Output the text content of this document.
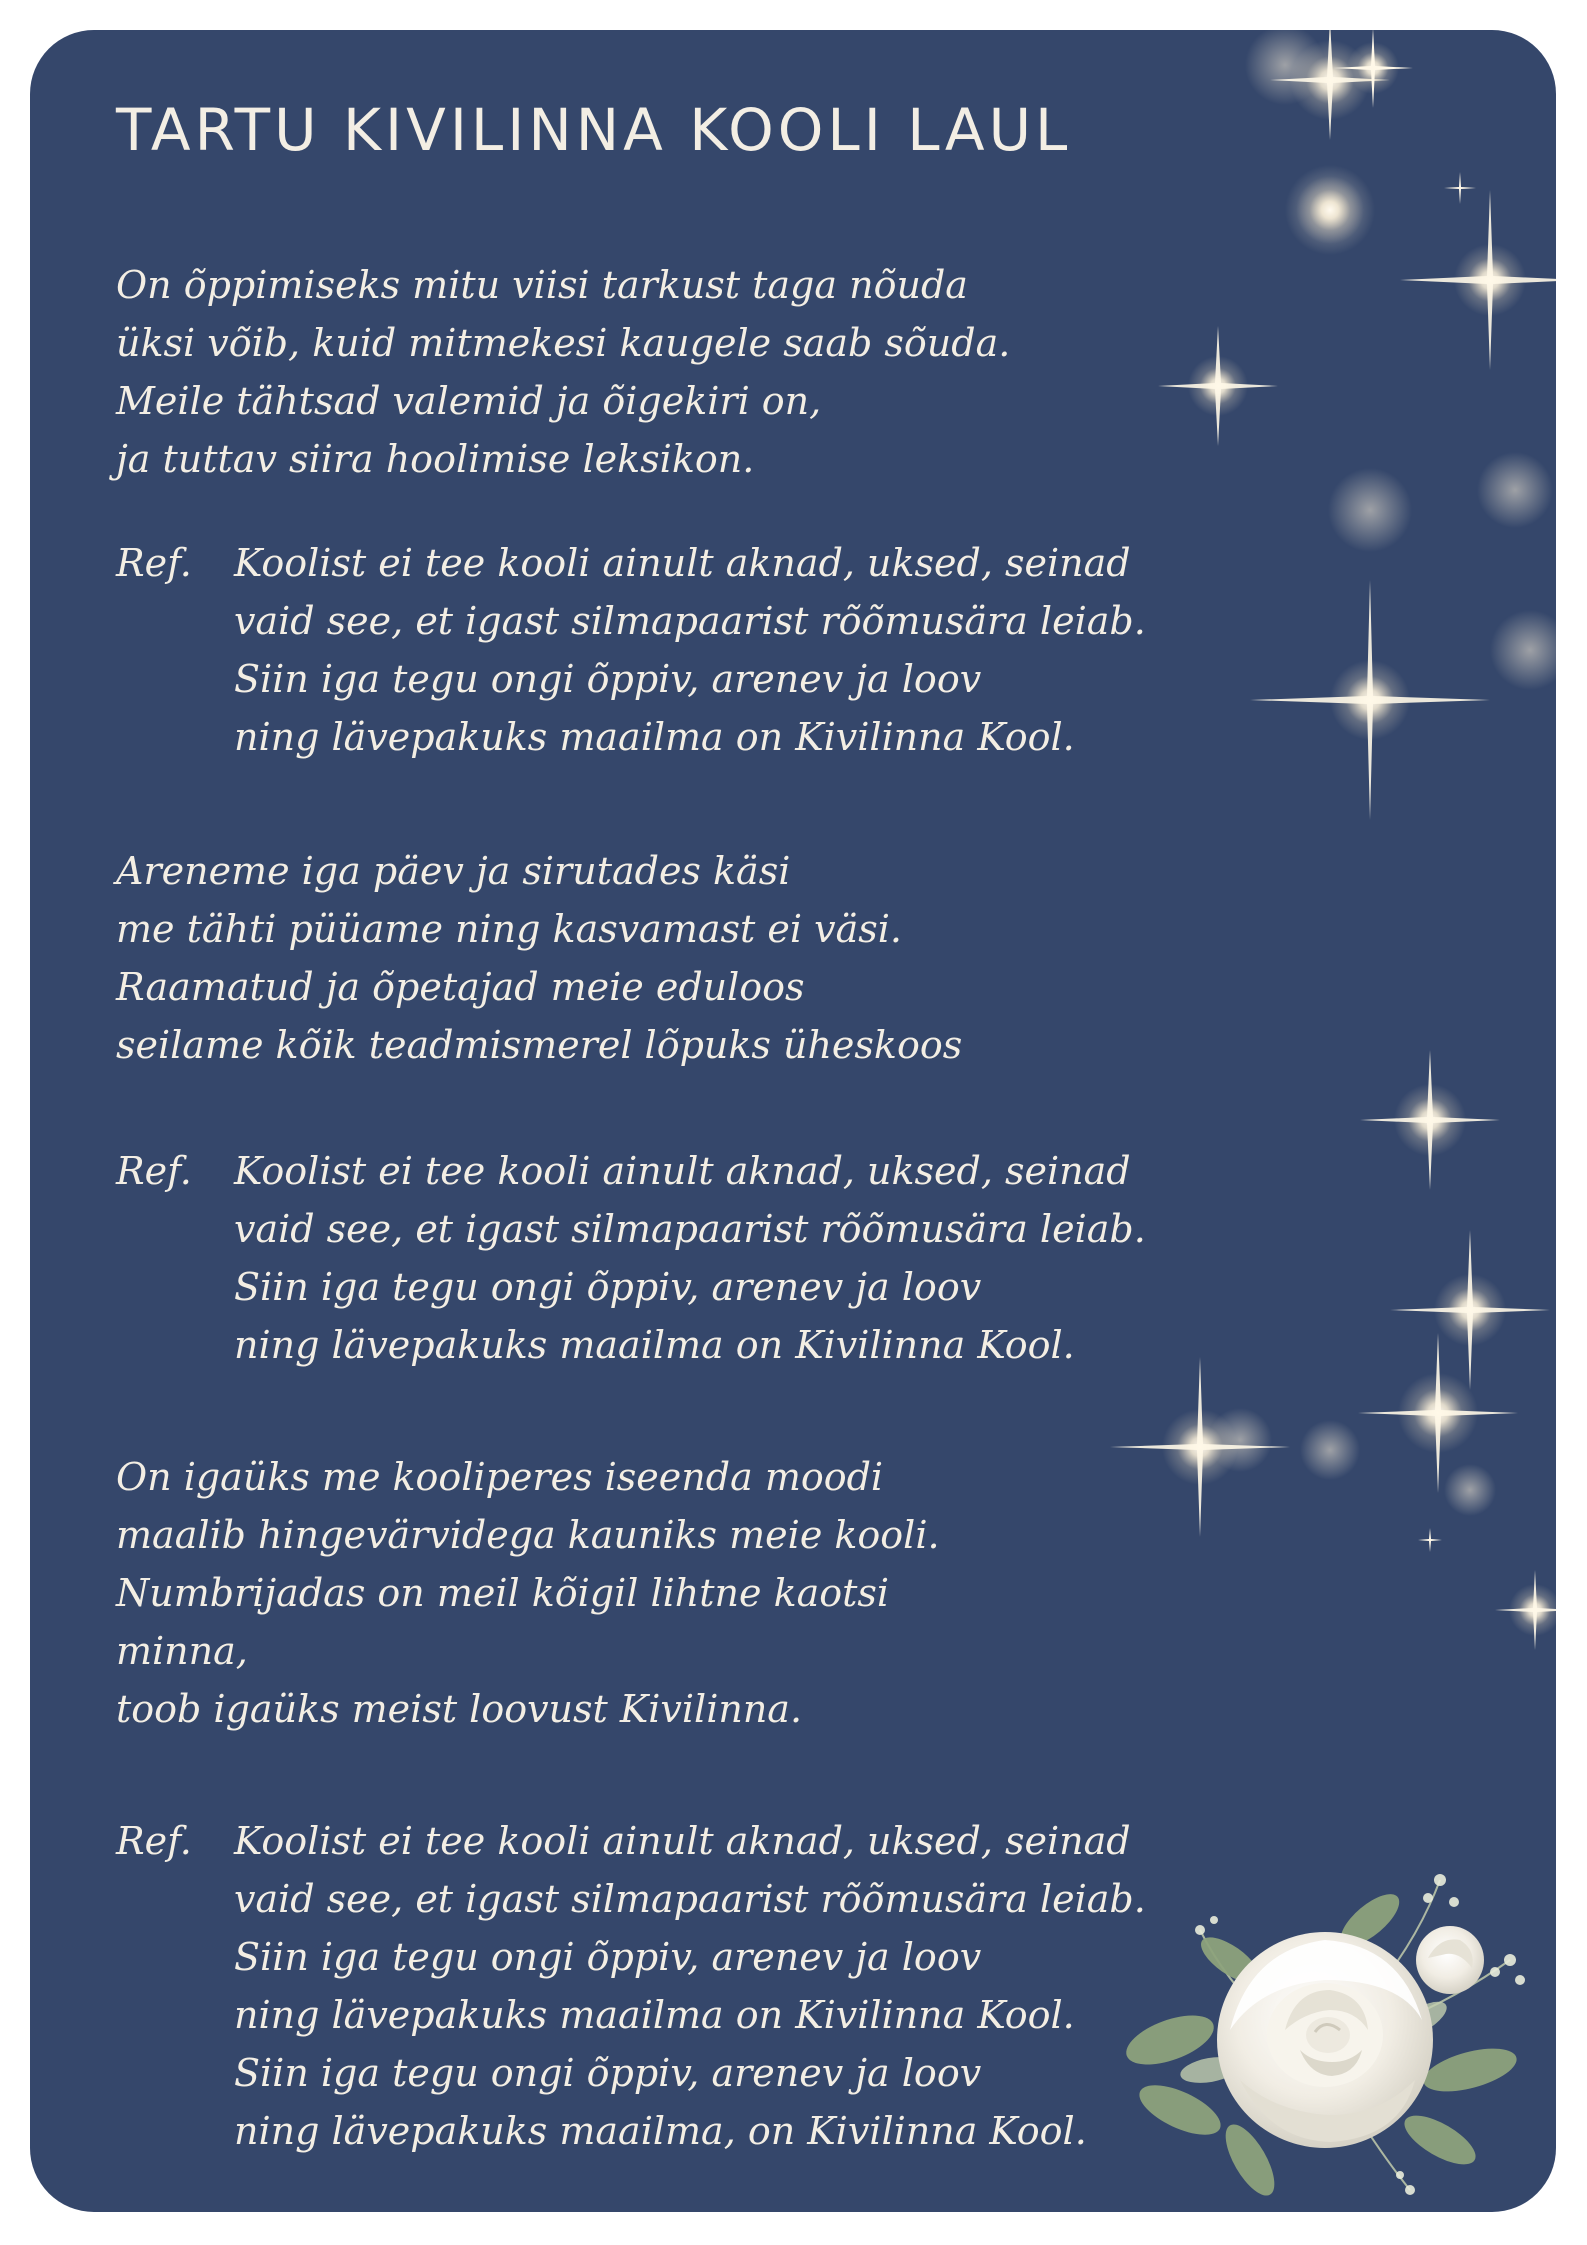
TARTU KIVILINNA KOOLI LAUL
On õppimiseks mitu viisi tarkust taga nõuda
üksi võib, kuid mitmekesi kaugele saab sõuda.
Meile tähtsad valemid ja õigekiri on,
ja tuttav siira hoolimise leksikon.
Ref. Koolist ei tee kooli ainult aknad, uksed, seinad
vaid see, et igast silmapaarist rõõmusära leiab.
Siin iga tegu ongi õppiv, arenev ja loov
ning lävepakuks maailma on Kivilinna Kool.
Areneme iga päev ja sirutades käsi
me tähti püüame ning kasvamast ei väsi.
Raamatud ja õpetajad meie eduloos
seilame kõik teadmismerel lõpuks üheskoos
Ref. Koolist ei tee kooli ainult aknad, uksed, seinad
vaid see, et igast silmapaarist rõõmusära leiab.
Siin iga tegu ongi õppiv, arenev ja loov
ning lävepakuks maailma on Kivilinna Kool.
On igaüks me kooliperes iseenda moodi
maalib hingevärvidega kauniks meie kooli.
Numbrijadas on meil kõigil lihtne kaotsi
minna,
toob igaüks meist loovust Kivilinna.
Ref. Koolist ei tee kooli ainult aknad, uksed, seinad
vaid see, et igast silmapaarist rõõmusära leiab.
Siin iga tegu ongi õppiv, arenev ja loov
ning lävepakuks maailma on Kivilinna Kool.
Siin iga tegu ongi õppiv, arenev ja loov
ning lävepakuks maailma, on Kivilinna Kool.
